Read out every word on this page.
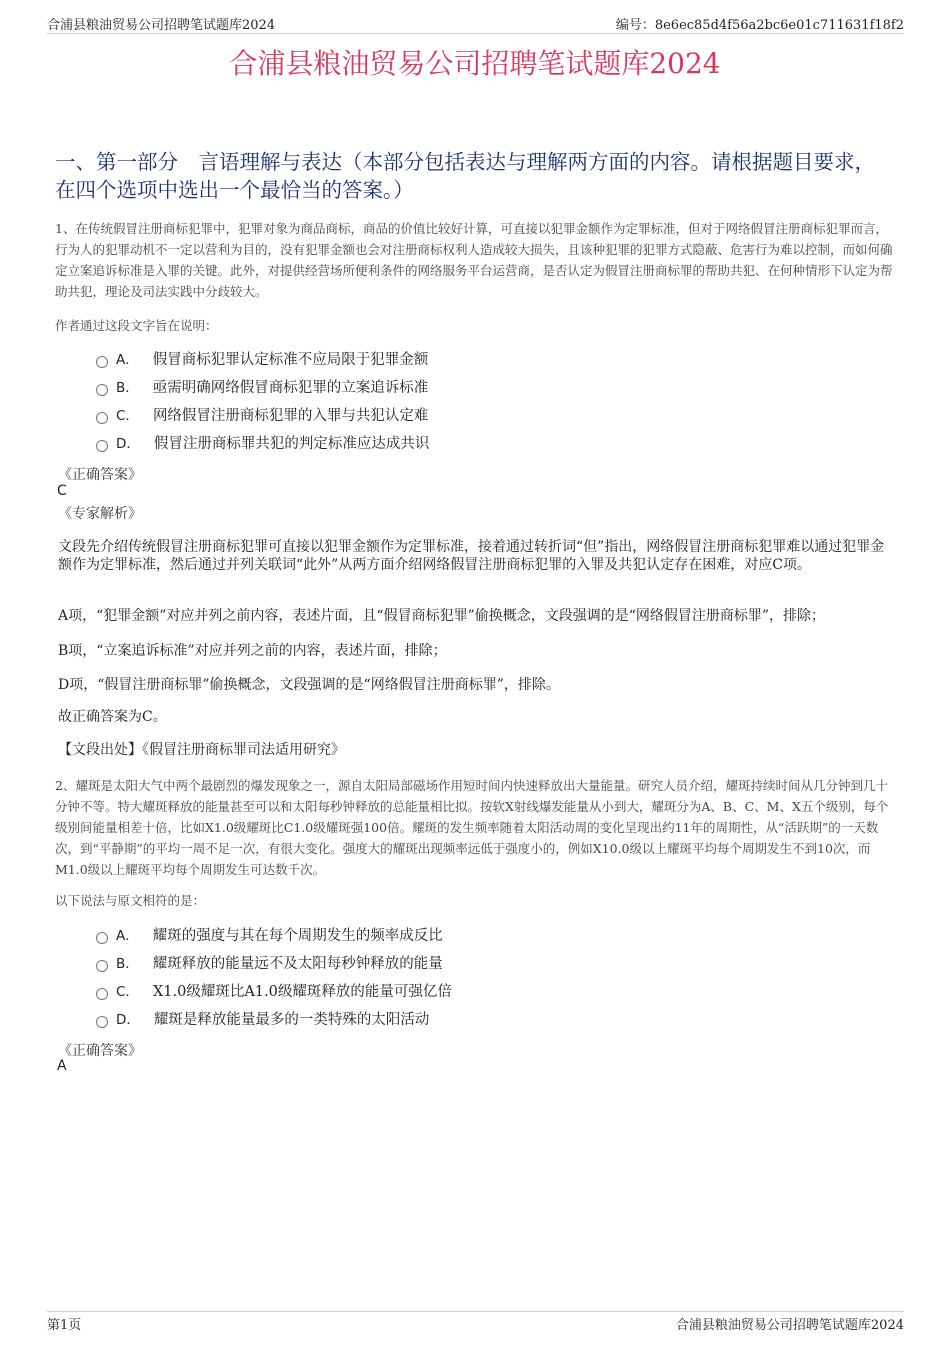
合浦县粮油贸易公司招聘笔试题库2024	编号：8e6ec85d4f56a2bc6e01c711631f18f2
合浦县粮油贸易公司招聘笔试题库2024
一、第一部分　言语理解与表达（本部分包括表达与理解两方面的内容。请根据题目要求，在四个选项中选出一个最恰当的答案。）
1、在传统假冒注册商标犯罪中，犯罪对象为商品商标，商品的价值比较好计算，可直接以犯罪金额作为定罪标准，但对于网络假冒注册商标犯罪而言，行为人的犯罪动机不一定以营利为目的，没有犯罪金额也会对注册商标权利人造成较大损失，且该种犯罪的犯罪方式隐蔽、危害行为难以控制，而如何确定立案追诉标准是入罪的关键。此外，对提供经营场所便利条件的网络服务平台运营商，是否认定为假冒注册商标罪的帮助共犯、在何种情形下认定为帮助共犯，理论及司法实践中分歧较大。
作者通过这段文字旨在说明：
A． 假冒商标犯罪认定标准不应局限于犯罪金额
B． 亟需明确网络假冒商标犯罪的立案追诉标准
C． 网络假冒注册商标犯罪的入罪与共犯认定难
D． 假冒注册商标罪共犯的判定标准应达成共识
《正确答案》
C
《专家解析》
文段先介绍传统假冒注册商标犯罪可直接以犯罪金额作为定罪标准，接着通过转折词“但”指出，网络假冒注册商标犯罪难以通过犯罪金额作为定罪标准，然后通过并列关联词“此外”从两方面介绍网络假冒注册商标犯罪的入罪及共犯认定存在困难，对应C项。
A项，“犯罪金额”对应并列之前内容，表述片面，且“假冒商标犯罪”偷换概念，文段强调的是“网络假冒注册商标罪”，排除；
B项，“立案追诉标准”对应并列之前的内容，表述片面，排除；
D项，“假冒注册商标罪”偷换概念，文段强调的是“网络假冒注册商标罪”，排除。
故正确答案为C。
【文段出处】《假冒注册商标罪司法适用研究》
2、耀斑是太阳大气中两个最剧烈的爆发现象之一，源自太阳局部磁场作用短时间内快速释放出大量能量。研究人员介绍，耀斑持续时间从几分钟到几十分钟不等。特大耀斑释放的能量甚至可以和太阳每秒钟释放的总能量相比拟。按软X射线爆发能量从小到大，耀斑分为A、B、C、M、X五个级别，每个级别间能量相差十倍，比如X1.0级耀斑比C1.0级耀斑强100倍。耀斑的发生频率随着太阳活动周的变化呈现出约11年的周期性，从“活跃期”的一天数次，到“平静期”的平均一周不足一次，有很大变化。强度大的耀斑出现频率远低于强度小的，例如X10.0级以上耀斑平均每个周期发生不到10次，而M1.0级以上耀斑平均每个周期发生可达数千次。
以下说法与原文相符的是：
A． 耀斑的强度与其在每个周期发生的频率成反比
B． 耀斑释放的能量远不及太阳每秒钟释放的能量
C． X1.0级耀斑比A1.0级耀斑释放的能量可强亿倍
D． 耀斑是释放能量最多的一类特殊的太阳活动
《正确答案》
A
第1页	合浦县粮油贸易公司招聘笔试题库2024
